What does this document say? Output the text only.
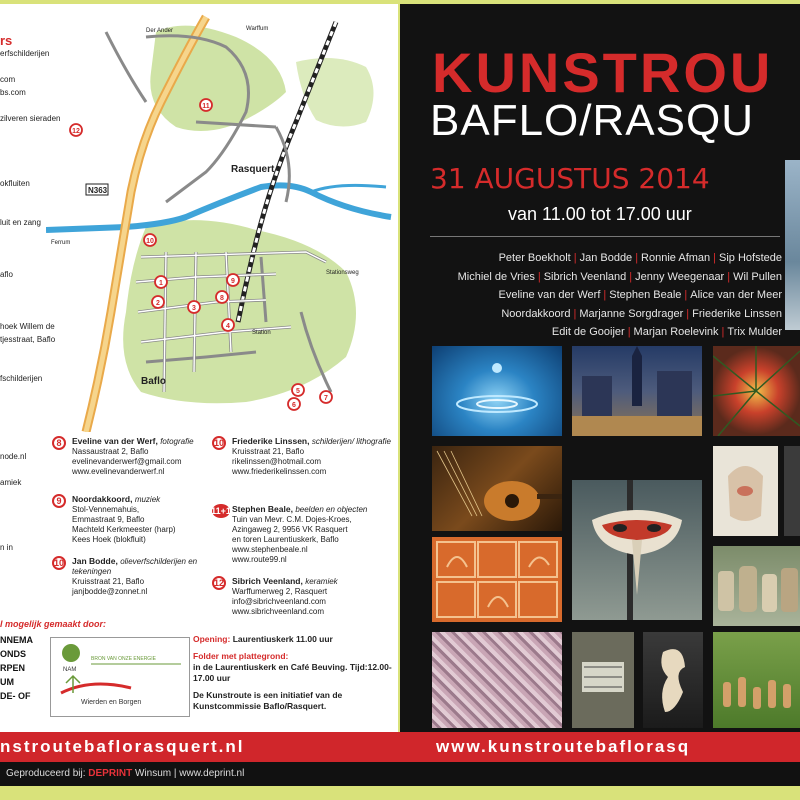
rs
erfschilderijen

com
bs.com

zilveren sieraden

okfluiten

luit en zang

aflo

hoek Willem de
tjesstraat, Baflo

fschilderijen

node.nl

amiek

n in
Rasquert
Baflo
Station
Warffum
Der Ander
Ferrum
Stationsweg
N363
1
2
3
4
5
6
7
8
9
10
11
12
8	Eveline van der Werf, fotografie
Nassaustraat 2, Baflo
evelinevanderwerf@gmail.com
www.evelinevanderwerf.nl
9	Noordakkoord, muziek
Stol-Vennemahuis,
Emmastraat 9, Baflo
Machteld Kerkmeester (harp)
Kees Hoek (blokfluit)
10 Jan Bodde, olieverfschilderijen en tekeningen
Kruisstraat 21, Baflo
janjbodde@zonnet.nl
10 Friederike Linssen, schilderijen/ lithografie
Kruisstraat 21, Baflo
rikelinssen@hotmail.com
www.friederikelinssen.com
11+1 Stephen Beale, beelden en objecten
Tuin van Mevr. C.M. Dojes-Kroes,
Azingaweg 2, 9956 VK Rasquert
en toren Laurentiuskerk, Baflo
www.stephenbeale.nl
www.route99.nl
12 Sibrich Veenland, keramiek
Warffumerweg 2, Rasquert
info@sibrichveenland.com
www.sibrichveenland.com
l mogelijk gemaakt door:
NNEMA
ONDS
RPEN
UM
DE- OF
NAM
BRON VAN ONZE ENERGIE
Wierden en Borgen

Opening: Laurentiuskerk 11.00 uur

Folder met plattegrond:
in de Laurentiuskerk en Café Beuving. Tijd:12.00-17.00 uur

De Kunstroute is een initiatief van de Kunstcommissie Baflo/Rasquert.

KUNSTROU
BAFLO/RASQU
31 AUGUSTUS 2014
van 11.00 tot 17.00 uur
Peter Boekholt | Jan Bodde | Ronnie Afman | Sip Hofstede
Michiel de Vries | Sibrich Veenland | Jenny Weegenaar | Wil Pullen
Eveline van der Werf | Stephen Beale | Alice van der Meer
Noordakkoord | Marjanne Sorgdrager | Friederike Linssen
Edit de Gooijer | Marjan Roelevink | Trix Mulder
nstroutebaflorasquert.nl	www.kunstroutebaflorasq
Geproduceerd bij: DEPRINT Winsum | www.deprint.nl
